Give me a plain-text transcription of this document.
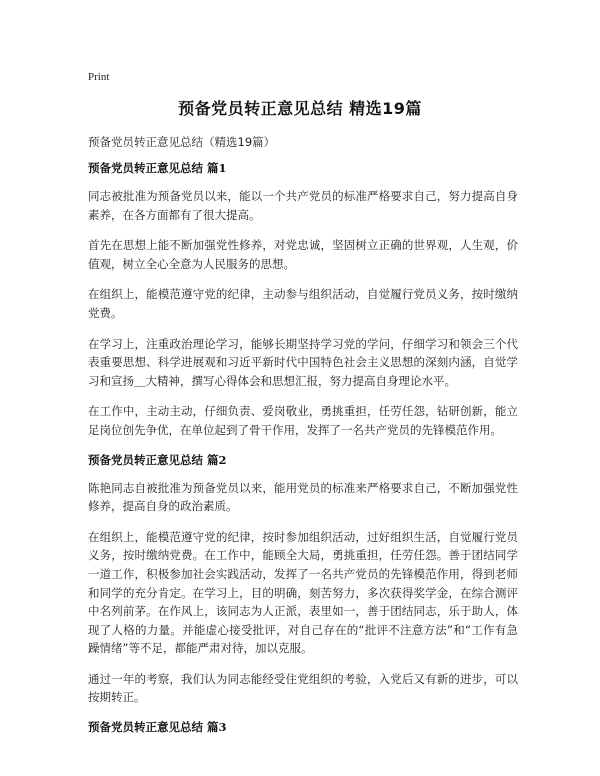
Print
预备党员转正意见总结 精选19篇
预备党员转正意见总结（精选19篇）
预备党员转正意见总结 篇1

同志被批准为预备党员以来，能以一个共产党员的标准严格要求自己，努力提高自身素养，在各方面都有了很大提高。

首先在思想上能不断加强党性修养，对党忠诚，坚固树立正确的世界观，人生观，价值观，树立全心全意为人民服务的思想。

在组织上，能模范遵守党的纪律，主动参与组织活动，自觉履行党员义务，按时缴纳党费。

在学习上，注重政治理论学习，能够长期坚持学习党的学问，仔细学习和领会三个代表重要思想、科学进展观和习近平新时代中国特色社会主义思想的深刻内涵，自觉学习和宣扬＿大精神，撰写心得体会和思想汇报，努力提高自身理论水平。

在工作中，主动主动，仔细负责、爱岗敬业，勇挑重担，任劳任怨，钻研创新，能立足岗位创先争优，在单位起到了骨干作用，发挥了一名共产党员的先锋模范作用。

预备党员转正意见总结 篇2

陈艳同志自被批准为预备党员以来，能用党员的标准来严格要求自己，不断加强党性修养，提高自身的政治素质。

在组织上，能模范遵守党的纪律，按时参加组织活动，过好组织生活，自觉履行党员义务，按时缴纳党费。在工作中，能顾全大局，勇挑重担，任劳任怨。善于团结同学一道工作，积极参加社会实践活动，发挥了一名共产党员的先锋模范作用，得到老师和同学的充分肯定。在学习上，目的明确，刻苦努力，多次获得奖学金，在综合测评中名列前茅。在作风上，该同志为人正派，表里如一，善于团结同志，乐于助人，体现了人格的力量。并能虚心接受批评，对自己存在的“批评不注意方法”和“工作有急躁情绪”等不足，都能严肃对待，加以克服。

通过一年的考察，我们认为同志能经受住党组织的考验，入党后又有新的进步，可以按期转正。

预备党员转正意见总结 篇3
